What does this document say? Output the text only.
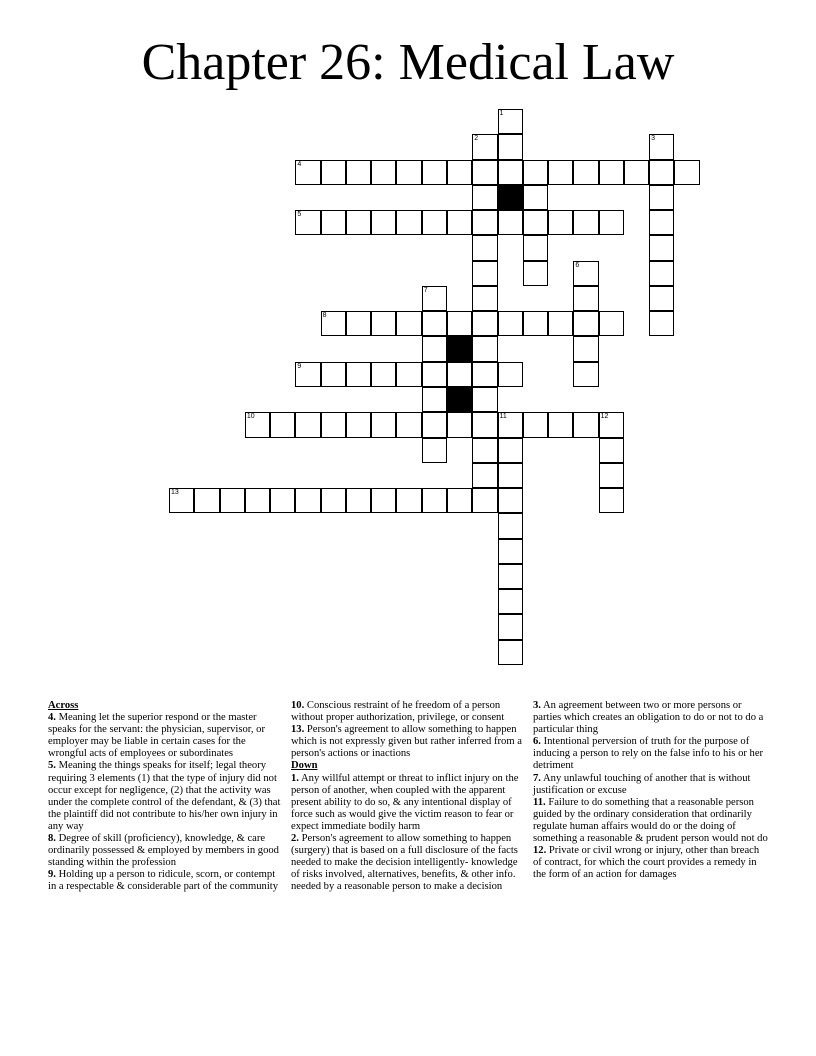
Chapter 26: Medical Law
1
2	3
4
5
6
7
8
9
10	11	12
13
Across
4. Meaning let the superior respond or the master speaks for the servant: the physician, supervisor, or employer may be liable in certain cases for the wrongful acts of employees or subordinates
5. Meaning the things speaks for itself; legal theory requiring 3 elements (1) that the type of injury did not occur except for negligence, (2) that the activity was under the complete control of the defendant, & (3) that the plaintiff did not contribute to his/her own injury in any way
8. Degree of skill (proficiency), knowledge, & care ordinarily possessed & employed by members in good standing within the profession
9. Holding up a person to ridicule, scorn, or contempt in a respectable & considerable part of the community
10. Conscious restraint of he freedom of a person without proper authorization, privilege, or consent
13. Person's agreement to allow something to happen which is not expressly given but rather inferred from a person's actions or inactions
Down
1. Any willful attempt or threat to inflict injury on the person of another, when coupled with the apparent present ability to do so, & any intentional display of force such as would give the victim reason to fear or expect immediate bodily harm
2. Person's agreement to allow something to happen (surgery) that is based on a full disclosure of the facts needed to make the decision intelligently- knowledge of risks involved, alternatives, benefits, & other info. needed by a reasonable person to make a decision
3. An agreement between two or more persons or parties which creates an obligation to do or not to do a particular thing
6. Intentional perversion of truth for the purpose of inducing a person to rely on the false info to his or her detriment
7. Any unlawful touching of another that is without justification or excuse
11. Failure to do something that a reasonable person guided by the ordinary consideration that ordinarily regulate human affairs would do or the doing of something a reasonable & prudent person would not do
12. Private or civil wrong or injury, other than breach of contract, for which the court provides a remedy in the form of an action for damages
